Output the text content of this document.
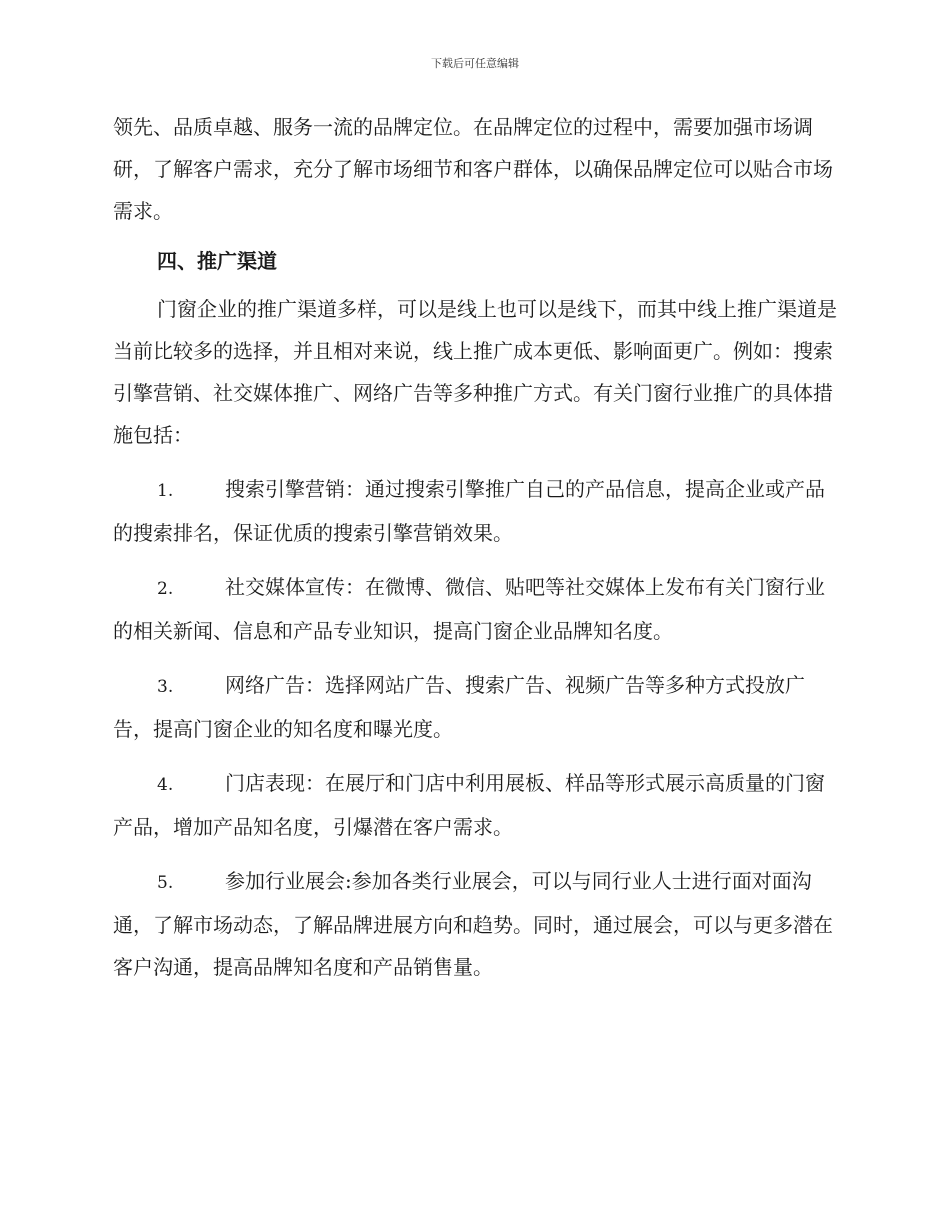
下载后可任意编辑

领先、品质卓越、服务一流的品牌定位。在品牌定位的过程中，需要加强市场调研，了解客户需求，充分了解市场细节和客户群体，以确保品牌定位可以贴合市场需求。

四、推广渠道

门窗企业的推广渠道多样，可以是线上也可以是线下，而其中线上推广渠道是当前比较多的选择，并且相对来说，线上推广成本更低、影响面更广。例如：搜索引擎营销、社交媒体推广、网络广告等多种推广方式。有关门窗行业推广的具体措施包括：

1.	搜索引擎营销：通过搜索引擎推广自己的产品信息，提高企业或产品的搜索排名，保证优质的搜索引擎营销效果。

2.	社交媒体宣传：在微博、微信、贴吧等社交媒体上发布有关门窗行业的相关新闻、信息和产品专业知识，提高门窗企业品牌知名度。

3.	网络广告：选择网站广告、搜索广告、视频广告等多种方式投放广告，提高门窗企业的知名度和曝光度。

4.	门店表现：在展厅和门店中利用展板、样品等形式展示高质量的门窗产品，增加产品知名度，引爆潜在客户需求。

5.	参加行业展会:参加各类行业展会，可以与同行业人士进行面对面沟通，了解市场动态，了解品牌进展方向和趋势。同时，通过展会，可以与更多潜在客户沟通，提高品牌知名度和产品销售量。
